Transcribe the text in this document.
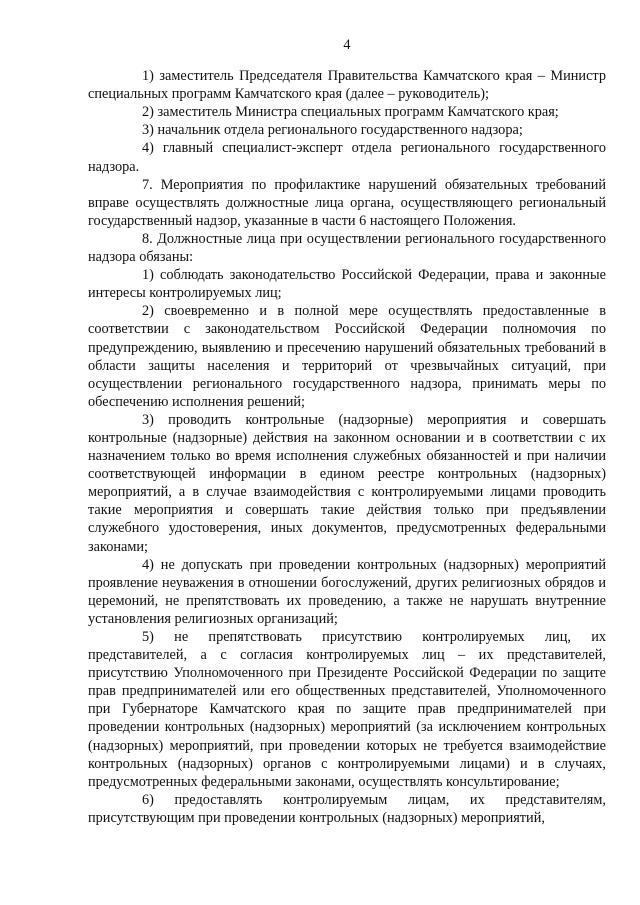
4

1) заместитель Председателя Правительства Камчатского края – Министр специальных программ Камчатского края (далее – руководитель);

2) заместитель Министра специальных программ Камчатского края;

3) начальник отдела регионального государственного надзора;

4) главный специалист-эксперт отдела регионального государственного надзора.

7. Мероприятия по профилактике нарушений обязательных требований вправе осуществлять должностные лица органа, осуществляющего региональный государственный надзор, указанные в части 6 настоящего Положения.

8. Должностные лица при осуществлении регионального государственного надзора обязаны:

1) соблюдать законодательство Российской Федерации, права и законные интересы контролируемых лиц;

2) своевременно и в полной мере осуществлять предоставленные в соответствии с законодательством Российской Федерации полномочия по предупреждению, выявлению и пресечению нарушений обязательных требований в области защиты населения и территорий от чрезвычайных ситуаций, при осуществлении регионального государственного надзора, принимать меры по обеспечению исполнения решений;

3) проводить контрольные (надзорные) мероприятия и совершать контрольные (надзорные) действия на законном основании и в соответствии с их назначением только во время исполнения служебных обязанностей и при наличии соответствующей информации в едином реестре контрольных (надзорных) мероприятий, а в случае взаимодействия с контролируемыми лицами проводить такие мероприятия и совершать такие действия только при предъявлении служебного удостоверения, иных документов, предусмотренных федеральными законами;

4) не допускать при проведении контрольных (надзорных) мероприятий проявление неуважения в отношении богослужений, других религиозных обрядов и церемоний, не препятствовать их проведению, а также не нарушать внутренние установления религиозных организаций;

5) не препятствовать присутствию контролируемых лиц, их представителей, а с согласия контролируемых лиц – их представителей, присутствию Уполномоченного при Президенте Российской Федерации по защите прав предпринимателей или его общественных представителей, Уполномоченного при Губернаторе Камчатского края по защите прав предпринимателей при проведении контрольных (надзорных) мероприятий (за исключением контрольных (надзорных) мероприятий, при проведении которых не требуется взаимодействие контрольных (надзорных) органов с контролируемыми лицами) и в случаях, предусмотренных федеральными законами, осуществлять консультирование;

6) предоставлять контролируемым лицам, их представителям, присутствующим при проведении контрольных (надзорных) мероприятий,
